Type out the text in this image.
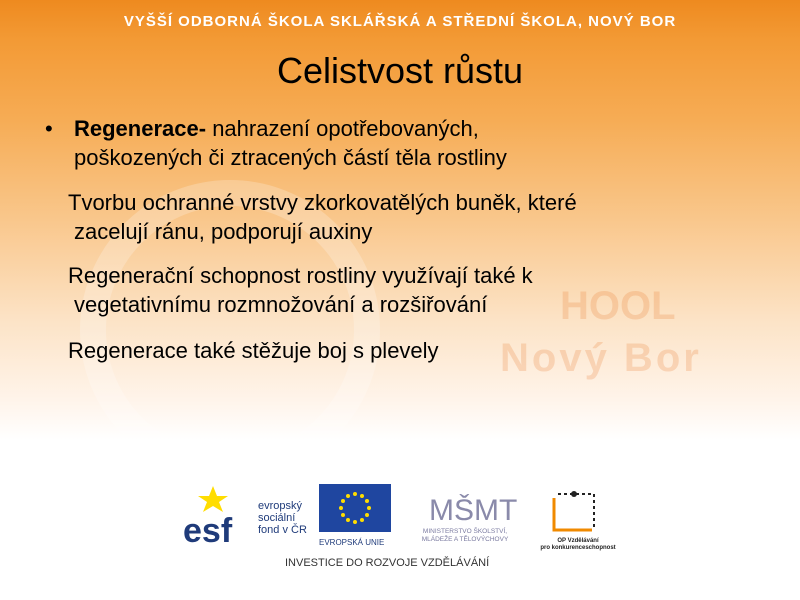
VYŠŠÍ ODBORNÁ ŠKOLA SKLÁŘSKÁ A STŘEDNÍ ŠKOLA, NOVÝ BOR
HOOL
Nový Bor
Celistvost růstu
• Regenerace- nahrazení opotřebovaných,
poškozených či ztracených částí těla rostliny
Tvorbu ochranné vrstvy zkorkovatělých buněk, které
zacelují ránu, podporují auxiny
Regenerační schopnost rostliny využívají také k
vegetativnímu rozmnožování a rozšiřování
Regenerace také stěžuje boj s plevely
esf
evropský
sociální
fond v ČR
EVROPSKÁ UNIE
MŠMT
MINISTERSTVO ŠKOLSTVÍ,
MLÁDEŽE A TĚLOVÝCHOVY	OP Vzdělávání
pro konkurenceschopnost
INVESTICE DO ROZVOJE VZDĚLÁVÁNÍ
